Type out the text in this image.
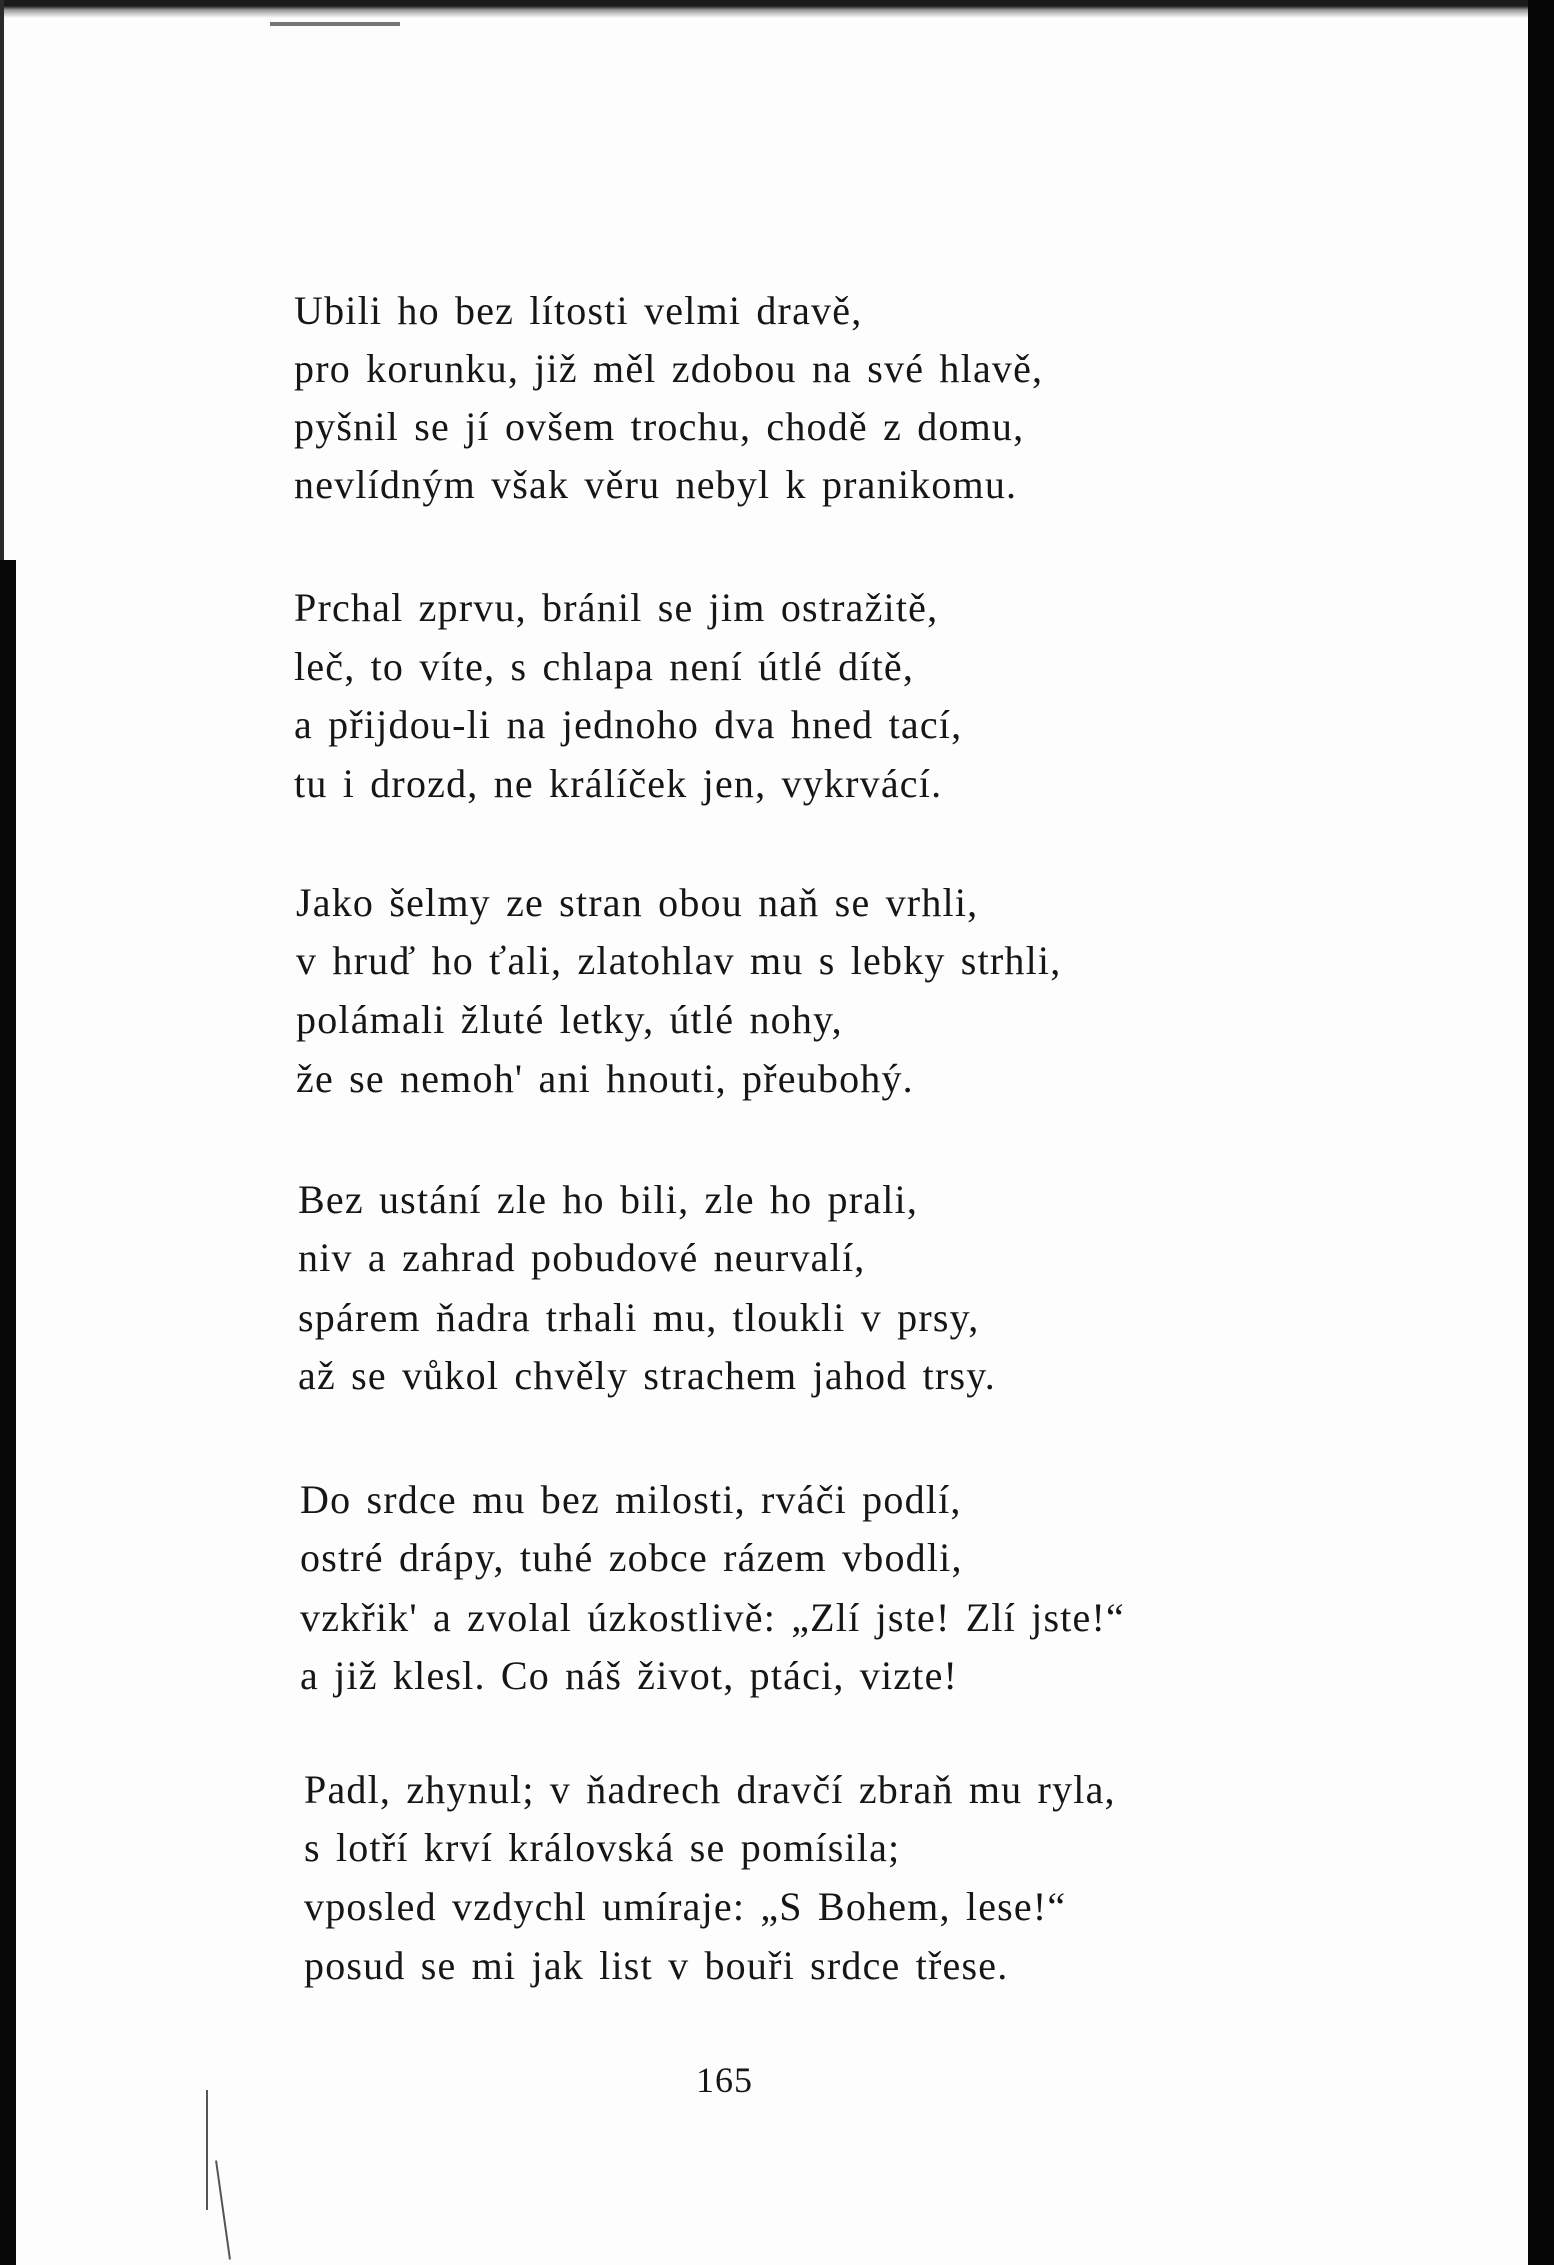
Ubili ho bez lítosti velmi dravě,
pro korunku, již měl zdobou na své hlavě,
pyšnil se jí ovšem trochu, chodě z domu,
nevlídným však věru nebyl k pranikomu.
Prchal zprvu, bránil se jim ostražitě,
leč, to víte, s chlapa není útlé dítě,
a přijdou-li na jednoho dva hned tací,
tu i drozd, ne králíček jen, vykrvácí.
Jako šelmy ze stran obou naň se vrhli,
v hruď ho ťali, zlatohlav mu s lebky strhli,
polámali žluté letky, útlé nohy,
že se nemoh' ani hnouti, přeubohý.
Bez ustání zle ho bili, zle ho prali,
niv a zahrad pobudové neurvalí,
spárem ňadra trhali mu, tloukli v prsy,
až se vůkol chvěly strachem jahod trsy.
Do srdce mu bez milosti, rváči podlí,
ostré drápy, tuhé zobce rázem vbodli,
vzkřik' a zvolal úzkostlivě: „Zlí jste! Zlí jste!“
a již klesl. Co náš život, ptáci, vizte!
Padl, zhynul; v ňadrech dravčí zbraň mu ryla,
s lotří krví královská se pomísila;
vposled vzdychl umíraje: „S Bohem, lese!“
posud se mi jak list v bouři srdce třese.
165
